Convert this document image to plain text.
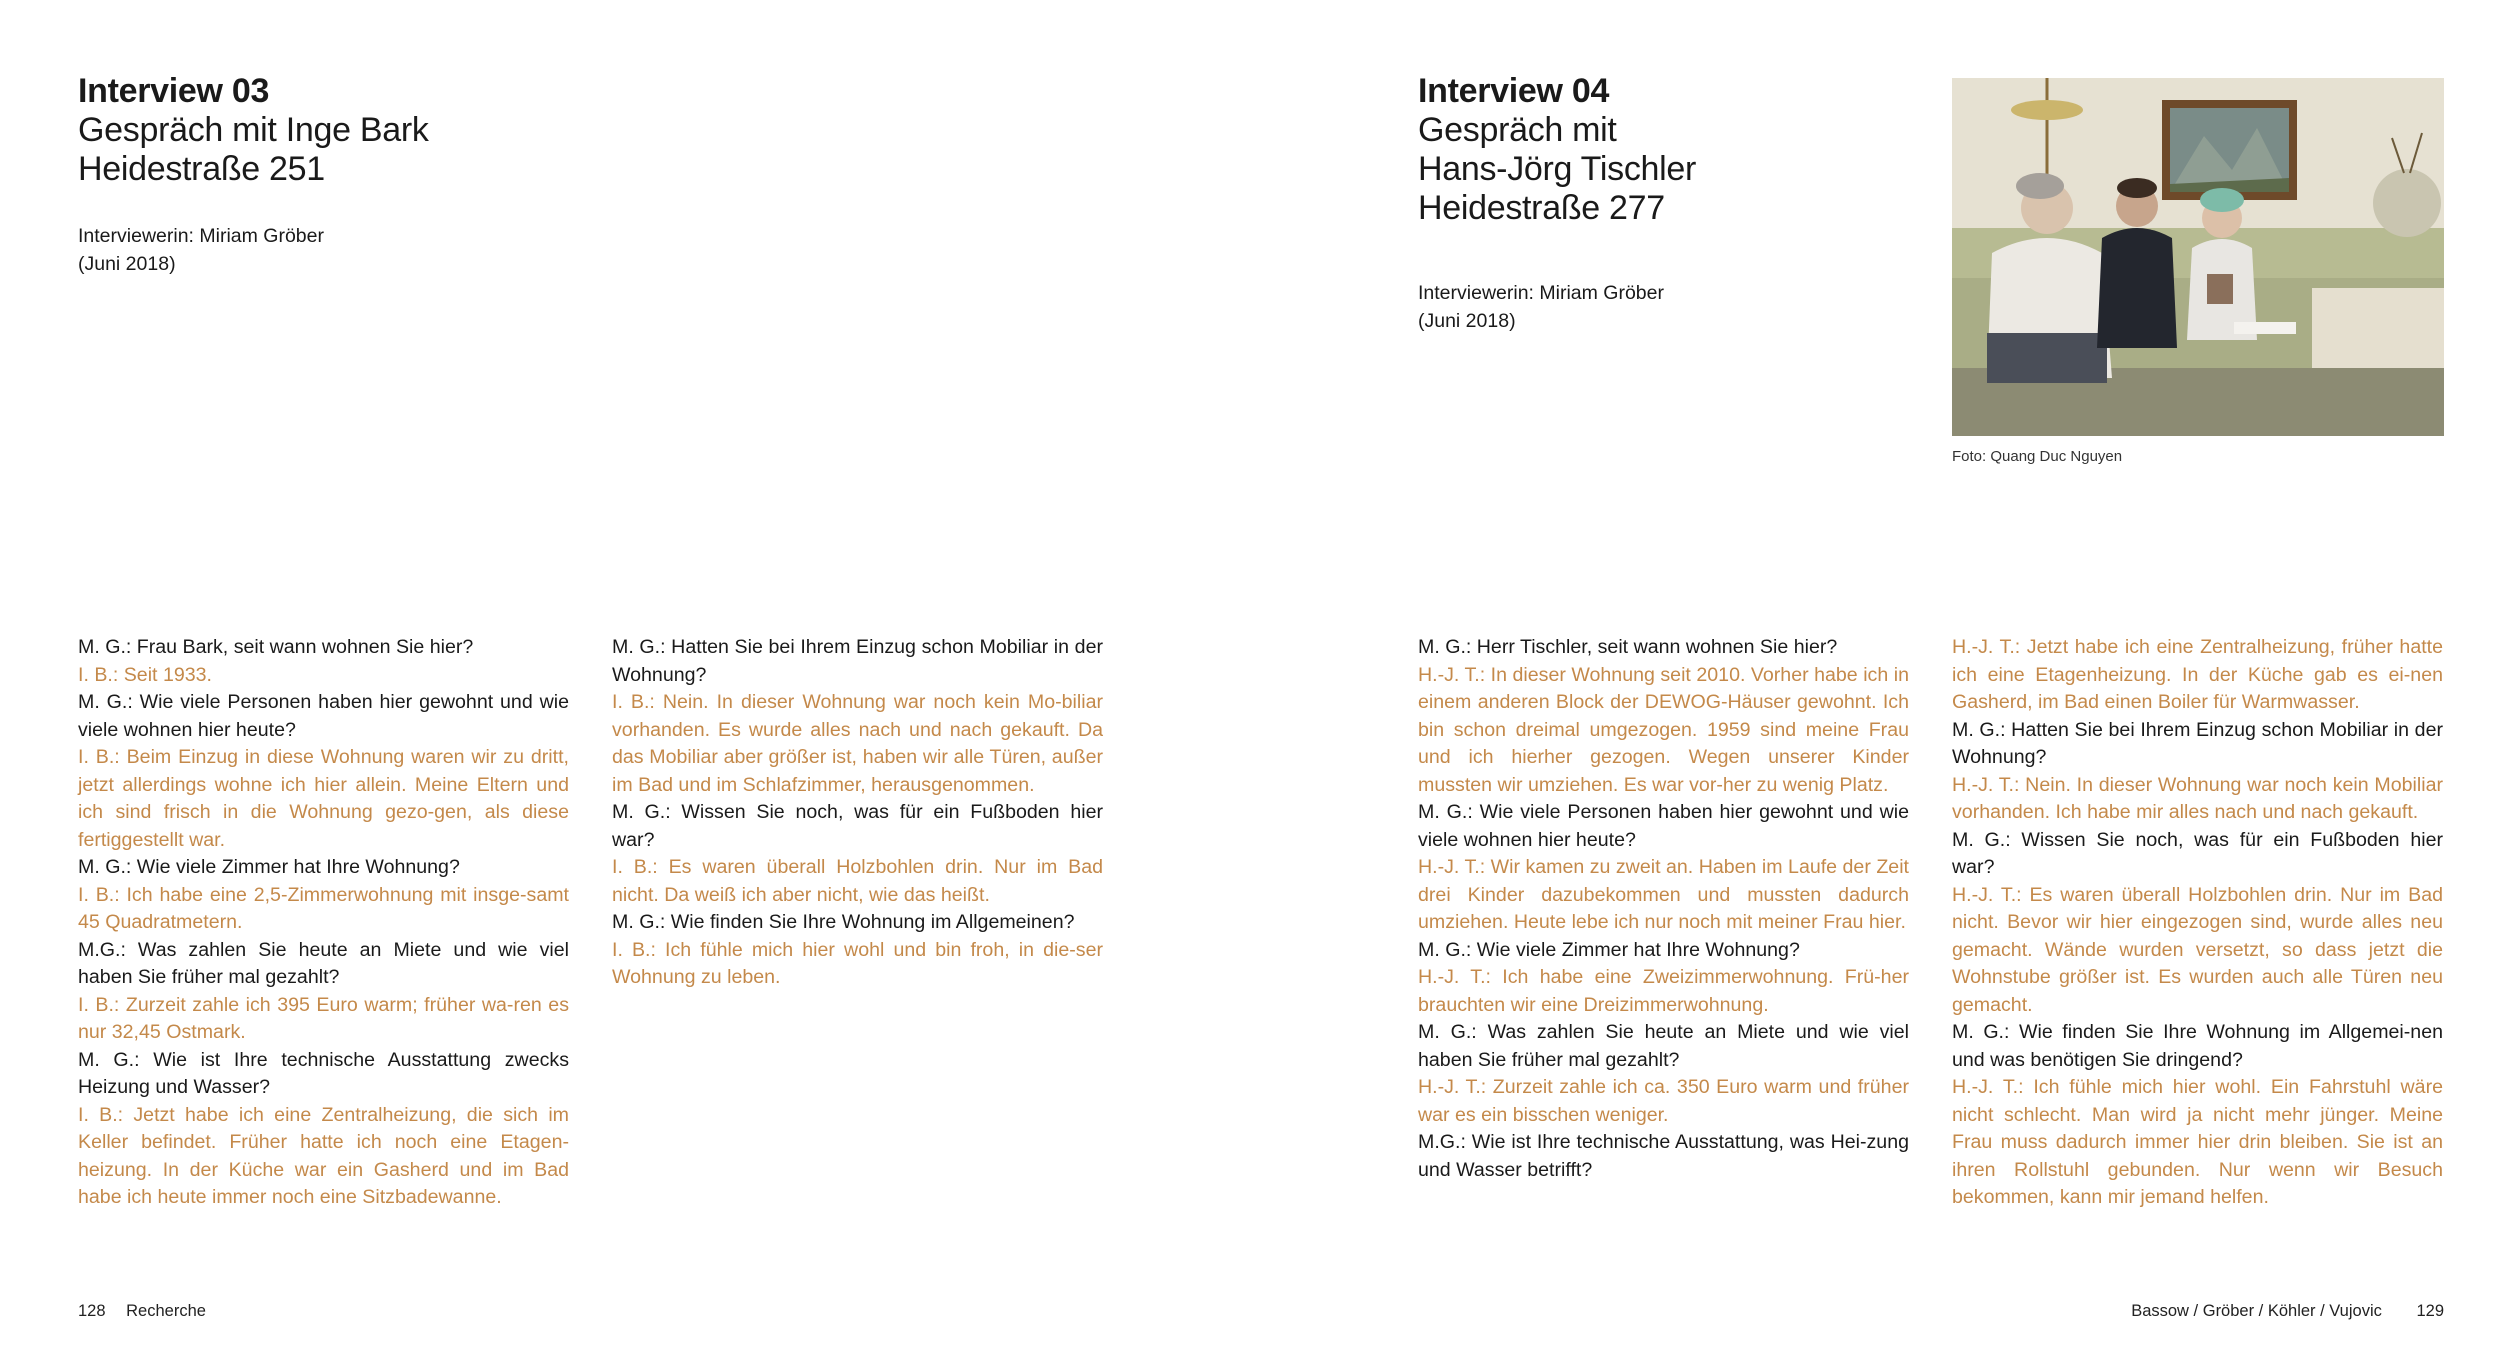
Interview 03
Gespräch mit Inge Bark
Heidestraße 251
Interviewerin: Miriam Gröber
(Juni 2018)
M. G.: Frau Bark, seit wann wohnen Sie hier?
I. B.: Seit 1933.
M. G.: Wie viele Personen haben hier gewohnt und wie viele wohnen hier heute?
I. B.: Beim Einzug in diese Wohnung waren wir zu dritt, jetzt allerdings wohne ich hier allein. Meine Eltern und ich sind frisch in die Wohnung gezo-gen, als diese fertiggestellt war.
M. G.: Wie viele Zimmer hat Ihre Wohnung?
I. B.: Ich habe eine 2,5-Zimmerwohnung mit insge-samt 45 Quadratmetern.
M.G.: Was zahlen Sie heute an Miete und wie viel haben Sie früher mal gezahlt?
I. B.: Zurzeit zahle ich 395 Euro warm; früher wa-ren es nur 32,45 Ostmark.
M. G.: Wie ist Ihre technische Ausstattung zwecks Heizung und Wasser?
I. B.: Jetzt habe ich eine Zentralheizung, die sich im Keller befindet. Früher hatte ich noch eine Etagen-heizung. In der Küche war ein Gasherd und im Bad habe ich heute immer noch eine Sitzbadewanne.
M. G.: Hatten Sie bei Ihrem Einzug schon Mobiliar in der Wohnung?
I. B.: Nein. In dieser Wohnung war noch kein Mo-biliar vorhanden. Es wurde alles nach und nach gekauft. Da das Mobiliar aber größer ist, haben wir alle Türen, außer im Bad und im Schlafzimmer, herausgenommen.
M. G.: Wissen Sie noch, was für ein Fußboden hier war?
I. B.: Es waren überall Holzbohlen drin. Nur im Bad nicht. Da weiß ich aber nicht, wie das heißt.
M. G.: Wie finden Sie Ihre Wohnung im Allgemeinen?
I. B.: Ich fühle mich hier wohl und bin froh, in die-ser Wohnung zu leben.
128 Recherche
Interview 04
Gespräch mit
Hans-Jörg Tischler
Heidestraße 277
Interviewerin: Miriam Gröber
(Juni 2018)
Foto: Quang Duc Nguyen
M. G.: Herr Tischler, seit wann wohnen Sie hier?
H.-J. T.: In dieser Wohnung seit 2010. Vorher habe ich in einem anderen Block der DEWOG-Häuser gewohnt. Ich bin schon dreimal umgezogen. 1959 sind meine Frau und ich hierher gezogen. Wegen unserer Kinder mussten wir umziehen. Es war vor-her zu wenig Platz.
M. G.: Wie viele Personen haben hier gewohnt und wie viele wohnen hier heute?
H.-J. T.: Wir kamen zu zweit an. Haben im Laufe der Zeit drei Kinder dazubekommen und mussten dadurch umziehen. Heute lebe ich nur noch mit meiner Frau hier.
M. G.: Wie viele Zimmer hat Ihre Wohnung?
H.-J. T.: Ich habe eine Zweizimmerwohnung. Frü-her brauchten wir eine Dreizimmerwohnung.
M. G.: Was zahlen Sie heute an Miete und wie viel haben Sie früher mal gezahlt?
H.-J. T.: Zurzeit zahle ich ca. 350 Euro warm und früher war es ein bisschen weniger.
M.G.: Wie ist Ihre technische Ausstattung, was Hei-zung und Wasser betrifft?
H.-J. T.: Jetzt habe ich eine Zentralheizung, früher hatte ich eine Etagenheizung. In der Küche gab es ei-nen Gasherd, im Bad einen Boiler für Warmwasser.
M. G.: Hatten Sie bei Ihrem Einzug schon Mobiliar in der Wohnung?
H.-J. T.: Nein. In dieser Wohnung war noch kein Mobiliar vorhanden. Ich habe mir alles nach und nach gekauft.
M. G.: Wissen Sie noch, was für ein Fußboden hier war?
H.-J. T.: Es waren überall Holzbohlen drin. Nur im Bad nicht. Bevor wir hier eingezogen sind, wurde alles neu gemacht. Wände wurden versetzt, so dass jetzt die Wohnstube größer ist. Es wurden auch alle Türen neu gemacht.
M. G.: Wie finden Sie Ihre Wohnung im Allgemei-nen und was benötigen Sie dringend?
H.-J. T.: Ich fühle mich hier wohl. Ein Fahrstuhl wäre nicht schlecht. Man wird ja nicht mehr jünger. Meine Frau muss dadurch immer hier drin bleiben. Sie ist an ihren Rollstuhl gebunden. Nur wenn wir Besuch bekommen, kann mir jemand helfen.
Bassow / Gröber / Köhler / Vujovic 129
